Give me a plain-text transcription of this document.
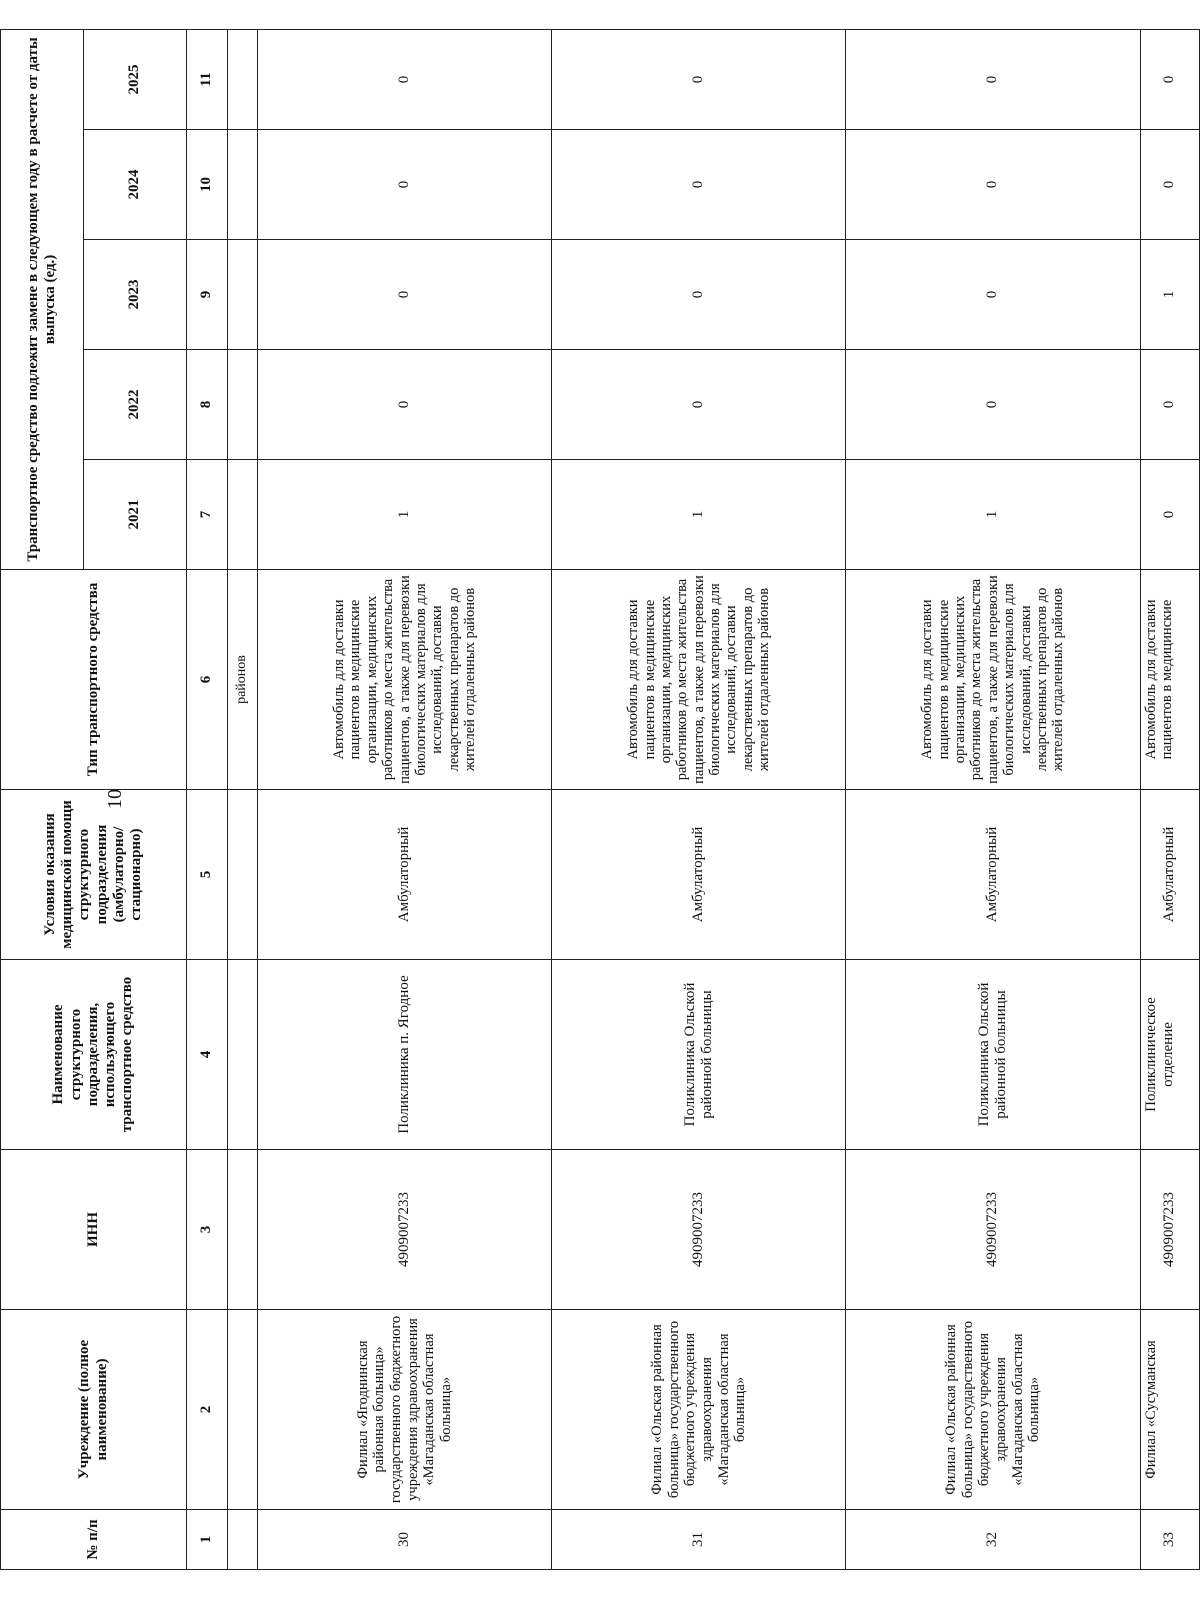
10
№ п/п	Учреждение (полное наименование)	ИНН	Наименование структурного подразделения, использующего транспортное средство	Условия оказания медицинской помощи структурного подразделения (амбулаторно/ стационарно)	Тип транспортного средства	Транспортное средство подлежит замене в следующем году в расчете от даты выпуска (ед.)				
						2021	2022	2023	2024	2025
1	2	3	4	5	6	7	8	9	10	11
					районов					
30	Филиал «Ягоднинская районная больница» государственного бюджетного учреждения здравоохранения «Магаданская областная больница»	4909007233	Поликлиника п. Ягодное	Амбулаторный	Автомобиль для доставки пациентов в медицинские организации, медицинских работников до места жительства пациентов, а также для перевозки биологических материалов для исследований, доставки лекарственных препаратов до жителей отдаленных районов	1	0	0	0	0
31	Филиал «Ольская районная больница» государственного бюджетного учреждения здравоохранения «Магаданская областная больница»	4909007233	Поликлиника Ольской районной больницы	Амбулаторный	Автомобиль для доставки пациентов в медицинские организации, медицинских работников до места жительства пациентов, а также для перевозки биологических материалов для исследований, доставки лекарственных препаратов до жителей отдаленных районов	1	0	0	0	0
32	Филиал «Ольская районная больница» государственного бюджетного учреждения здравоохранения «Магаданская областная больница»	4909007233	Поликлиника Ольской районной больницы	Амбулаторный	Автомобиль для доставки пациентов в медицинские организации, медицинских работников до места жительства пациентов, а также для перевозки биологических материалов для исследований, доставки лекарственных препаратов до жителей отдаленных районов	1	0	0	0	0
33	Филиал «Сусуманская	4909007233	Поликлиническое отделение	Амбулаторный	Автомобиль для доставки пациентов в медицинские	0	0	1	0	0
